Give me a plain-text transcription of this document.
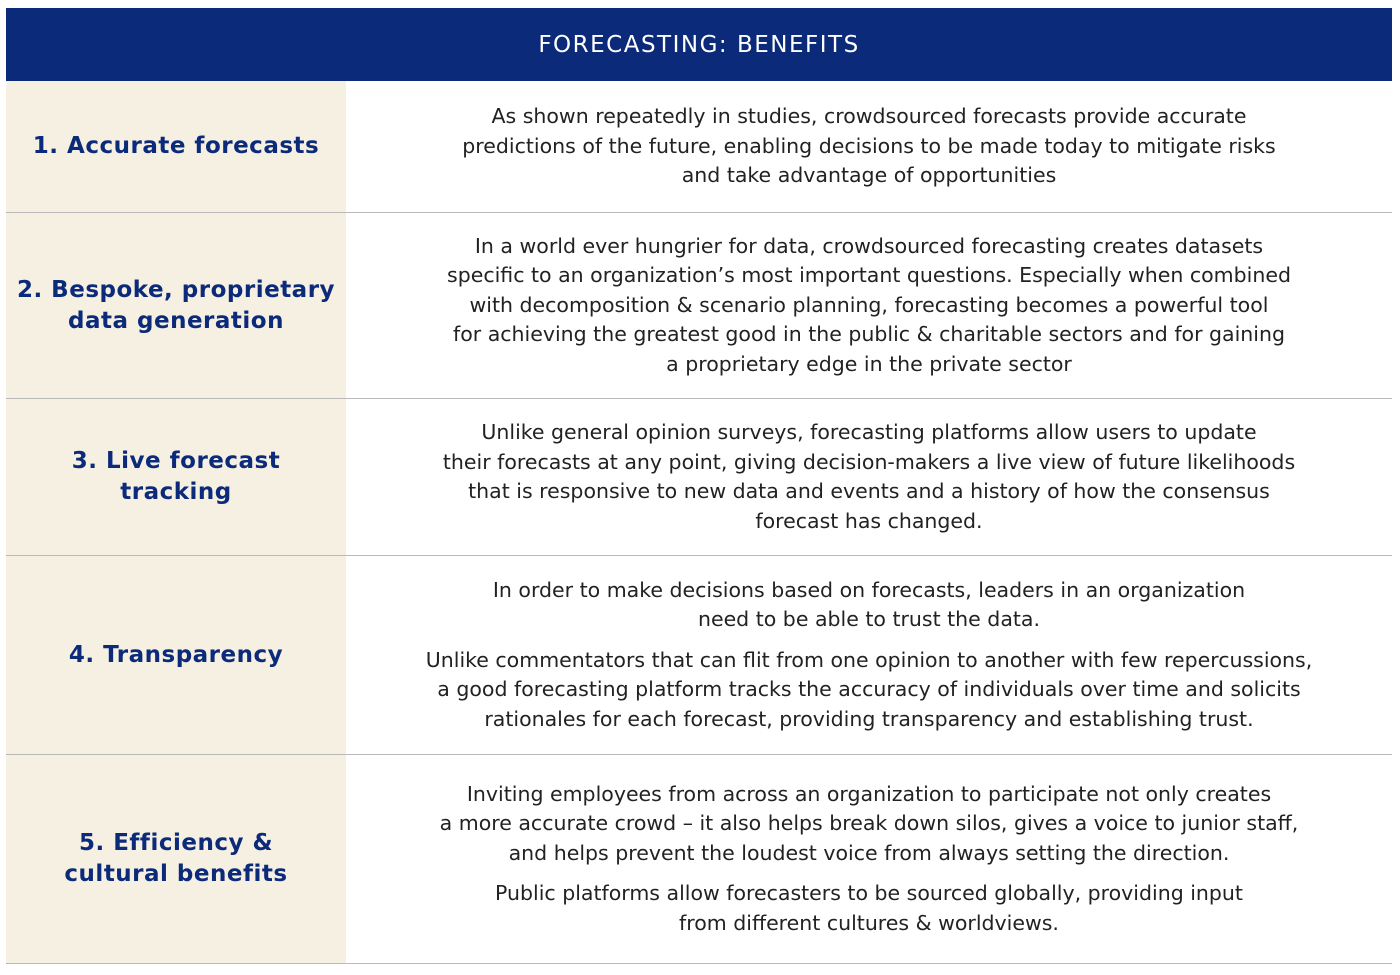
FORECASTING: BENEFITS
1. Accurate forecasts
As shown repeatedly in studies, crowdsourced forecasts provide accurate
predictions of the future, enabling decisions to be made today to mitigate risks
and take advantage of opportunities
2. Bespoke, proprietary
data generation
In a world ever hungrier for data, crowdsourced forecasting creates datasets
specific to an organization’s most important questions. Especially when combined
with decomposition & scenario planning, forecasting becomes a powerful tool
for achieving the greatest good in the public & charitable sectors and for gaining
a proprietary edge in the private sector
3. Live forecast tracking
Unlike general opinion surveys, forecasting platforms allow users to update
their forecasts at any point, giving decision-makers a live view of future likelihoods
that is responsive to new data and events and a history of how the consensus
forecast has changed.
4. Transparency
In order to make decisions based on forecasts, leaders in an organization
need to be able to trust the data.
Unlike commentators that can flit from one opinion to another with few repercussions,
a good forecasting platform tracks the accuracy of individuals over time and solicits
rationales for each forecast, providing transparency and establishing trust.
5. Efficiency &
cultural benefits
Inviting employees from across an organization to participate not only creates
a more accurate crowd – it also helps break down silos, gives a voice to junior staff,
and helps prevent the loudest voice from always setting the direction.
Public platforms allow forecasters to be sourced globally, providing input
from different cultures & worldviews.
